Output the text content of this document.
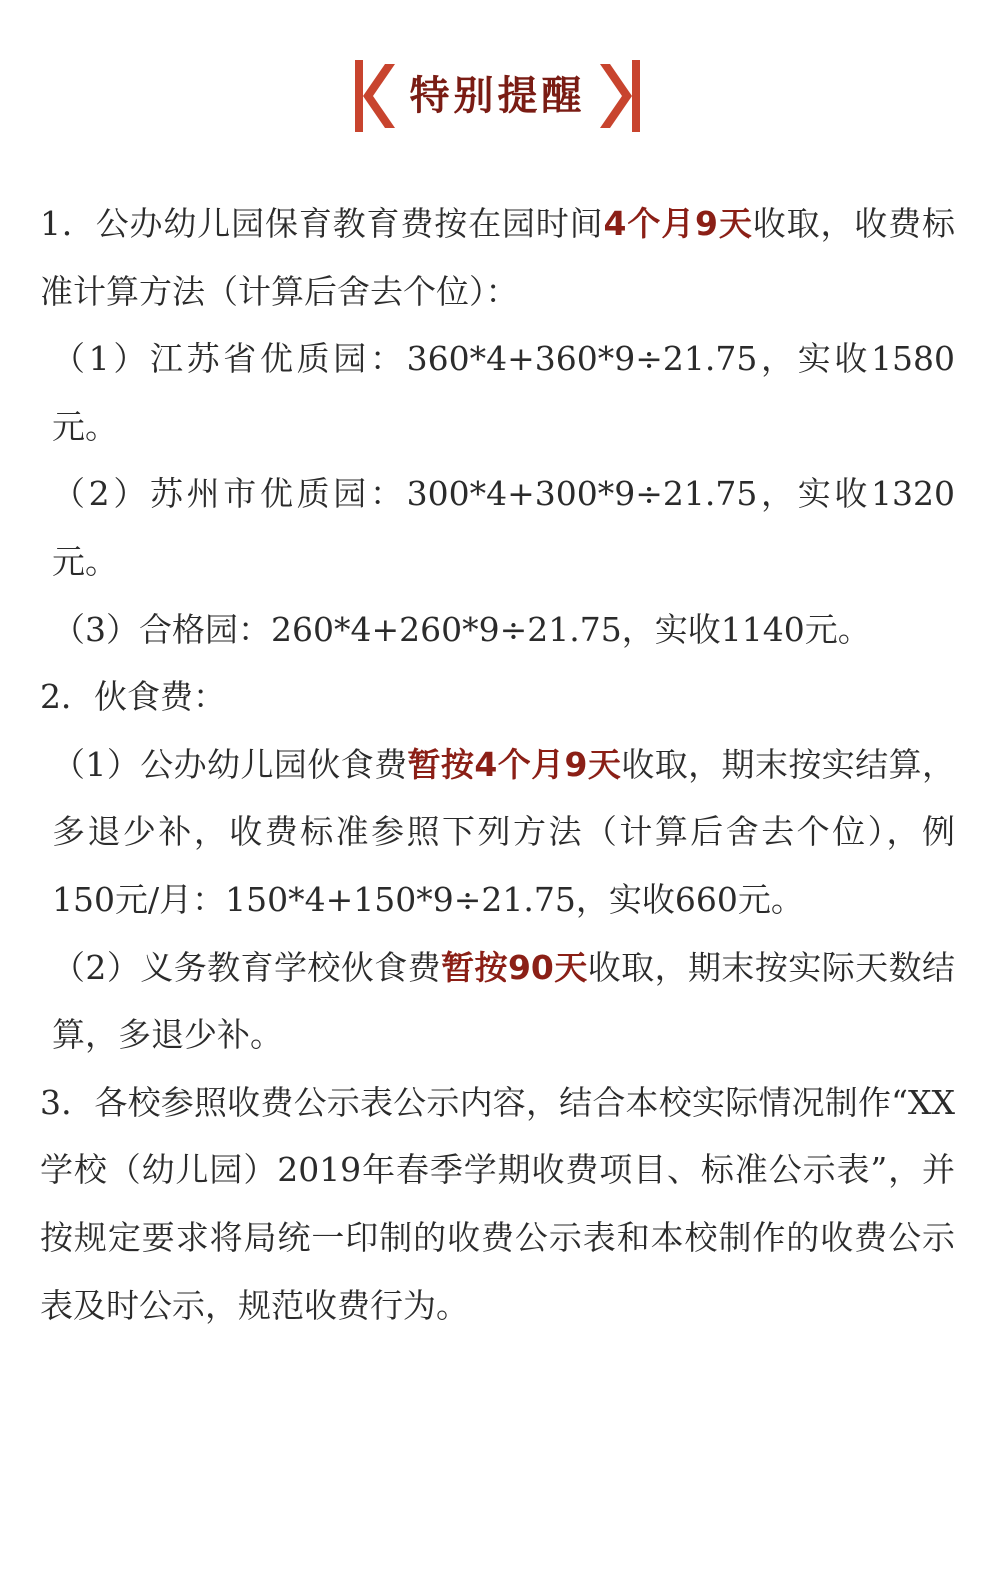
特别提醒

1．公办幼儿园保育教育费按在园时间4个月9天收取，收费标准计算方法（计算后舍去个位）：

（1）江苏省优质园：360*4+360*9÷21.75，实收1580元。

（2）苏州市优质园：300*4+300*9÷21.75，实收1320元。

（3）合格园：260*4+260*9÷21.75，实收1140元。

2．伙食费：

（1）公办幼儿园伙食费暂按4个月9天收取，期末按实结算，多退少补，收费标准参照下列方法（计算后舍去个位），例150元/月：150*4+150*9÷21.75，实收660元。

（2）义务教育学校伙食费暂按90天收取，期末按实际天数结算，多退少补。

3．各校参照收费公示表公示内容，结合本校实际情况制作“XX学校（幼儿园）2019年春季学期收费项目、标准公示表”，并按规定要求将局统一印制的收费公示表和本校制作的收费公示表及时公示，规范收费行为。
